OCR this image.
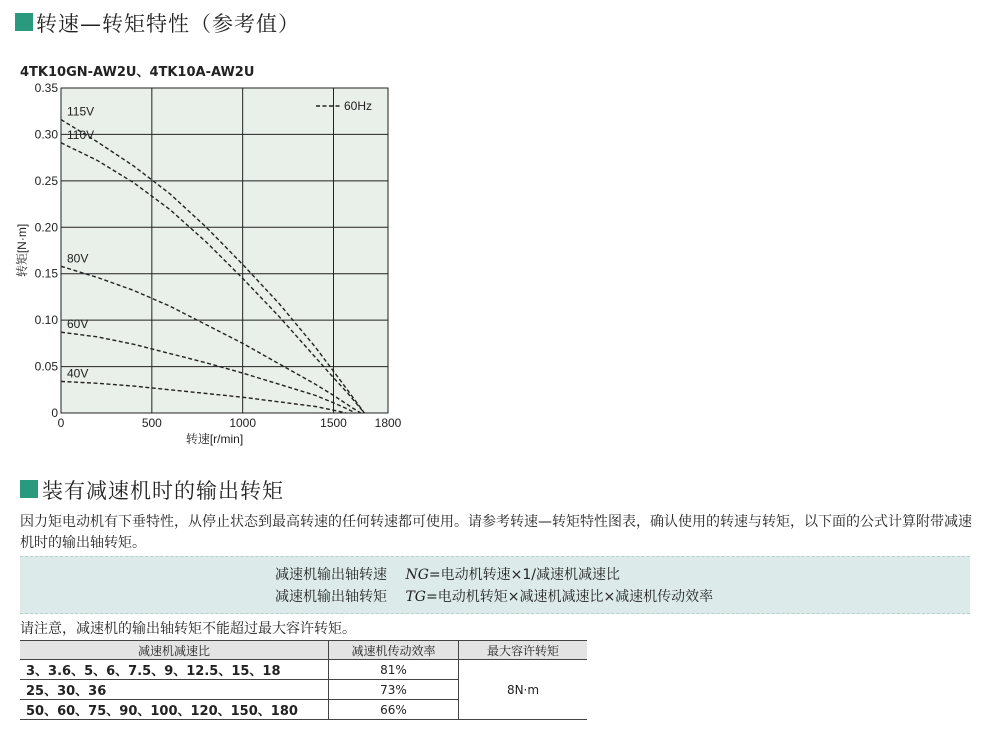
转速—转矩特性（参考值）
4TK10GN-AW2U、4TK10A-AW2U
0
0.05
0.10
0.15
0.20
0.25
0.30
0.35
0	500	1000	1500 1800
转速[r/min]
转矩[N·m]
115V
110V
80V
60V
40V
60Hz
装有减速机时的输出转矩
因力矩电动机有下垂特性，从停止状态到最高转速的任何转速都可使用。请参考转速—转矩特性图表，确认使用的转速与转矩，以下面的公式计算附带减速机时的输出轴转矩。
减速机输出轴转速 NG=电动机转速×1/减速机减速比
减速机输出轴转矩 TG=电动机转矩×减速机减速比×减速机传动效率
请注意，减速机的输出轴转矩不能超过最大容许转矩。
减速机减速比	减速机传动效率	最大容许转矩
3、3.6、5、6、7.5、9、12.5、15、18	81%	8N·m
25、30、36	73%	
50、60、75、90、100、120、150、180	66%	
